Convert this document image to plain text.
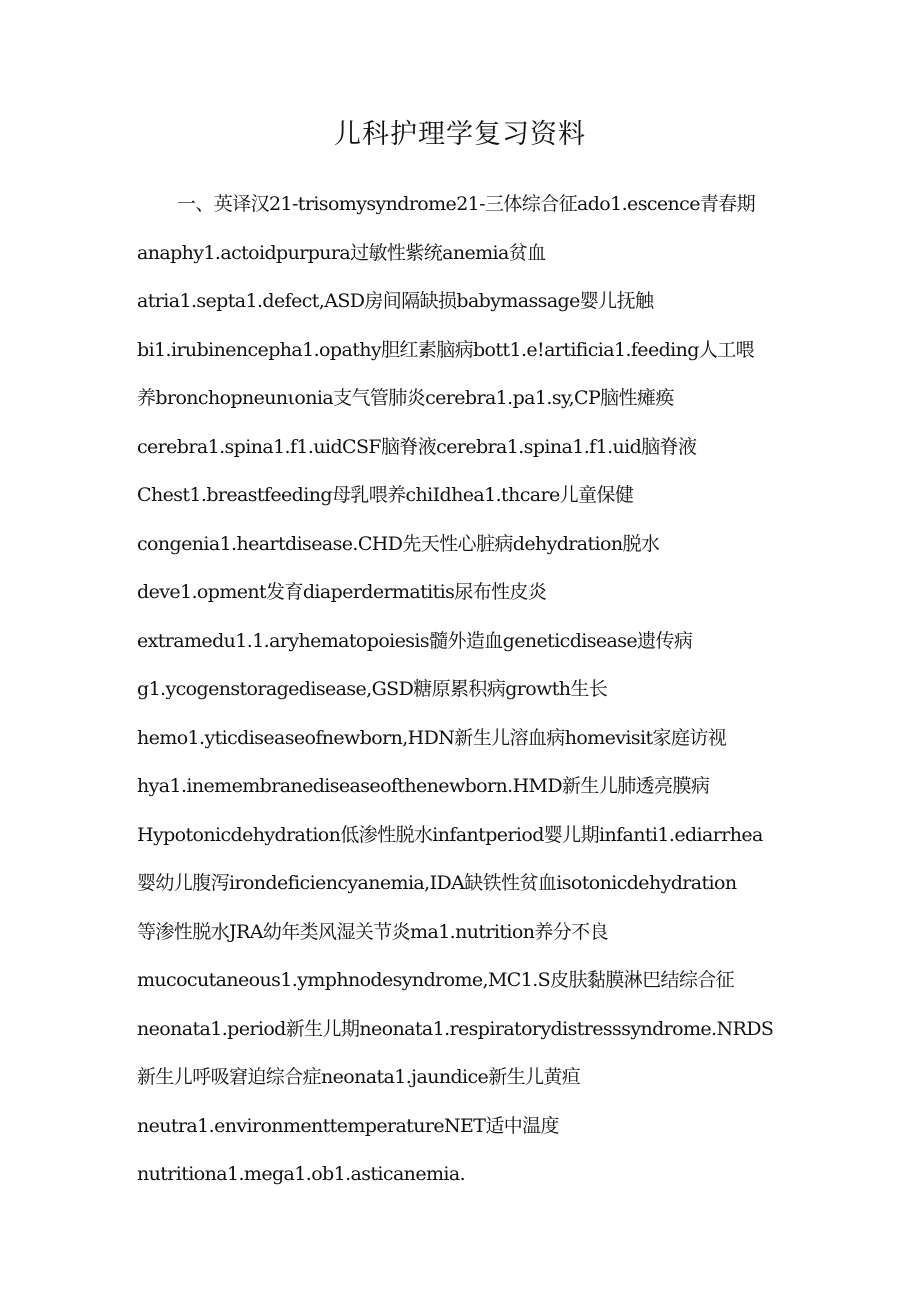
儿科护理学复习资料
一、英译汉21-trisomysyndrome21-三体综合征ado1.escence青春期
anaphy1.actoidpurpura过敏性紫统anemia贫血
atria1.septa1.defect,ASD房间隔缺损babymassage婴儿抚触
bi1.irubinencepha1.opathy胆红素脑病bott1.e!artificia1.feeding人工喂
养bronchopneunιonia支气管肺炎cerebra1.pa1.sy,CP脑性瘫痪
cerebra1.spina1.f1.uidCSF脑脊液cerebra1.spina1.f1.uid脑脊液
Chest1.breastfeeding母乳喂养chiIdhea1.thcare儿童保健
congenia1.heartdisease.CHD先天性心脏病dehydration脱水
deve1.opment发育diaperdermatitis尿布性皮炎
extramedu1.1.aryhematopoiesis髓外造血geneticdisease遗传病
g1.ycogenstoragedisease,GSD糖原累积病growth生长
hemo1.yticdiseaseofnewborn,HDN新生儿溶血病homevisit家庭访视
hya1.inemembranediseaseofthenewborn.HMD新生儿肺透亮膜病
Hypotonicdehydration低渗性脱水infantperiod婴儿期infanti1.ediarrhea
婴幼儿腹泻irondeficiencyanemia,IDA缺铁性贫血isotonicdehydration
等渗性脱水JRA幼年类风湿关节炎ma1.nutrition养分不良
mucocutaneous1.ymphnodesyndrome,MC1.S皮肤黏膜淋巴结综合征
neonata1.period新生儿期neonata1.respiratorydistresssyndrome.NRDS
新生儿呼吸窘迫综合症neonata1.jaundice新生儿黄疸
neutra1.environmenttemperatureNET适中温度
nutritiona1.mega1.ob1.asticanemia.
